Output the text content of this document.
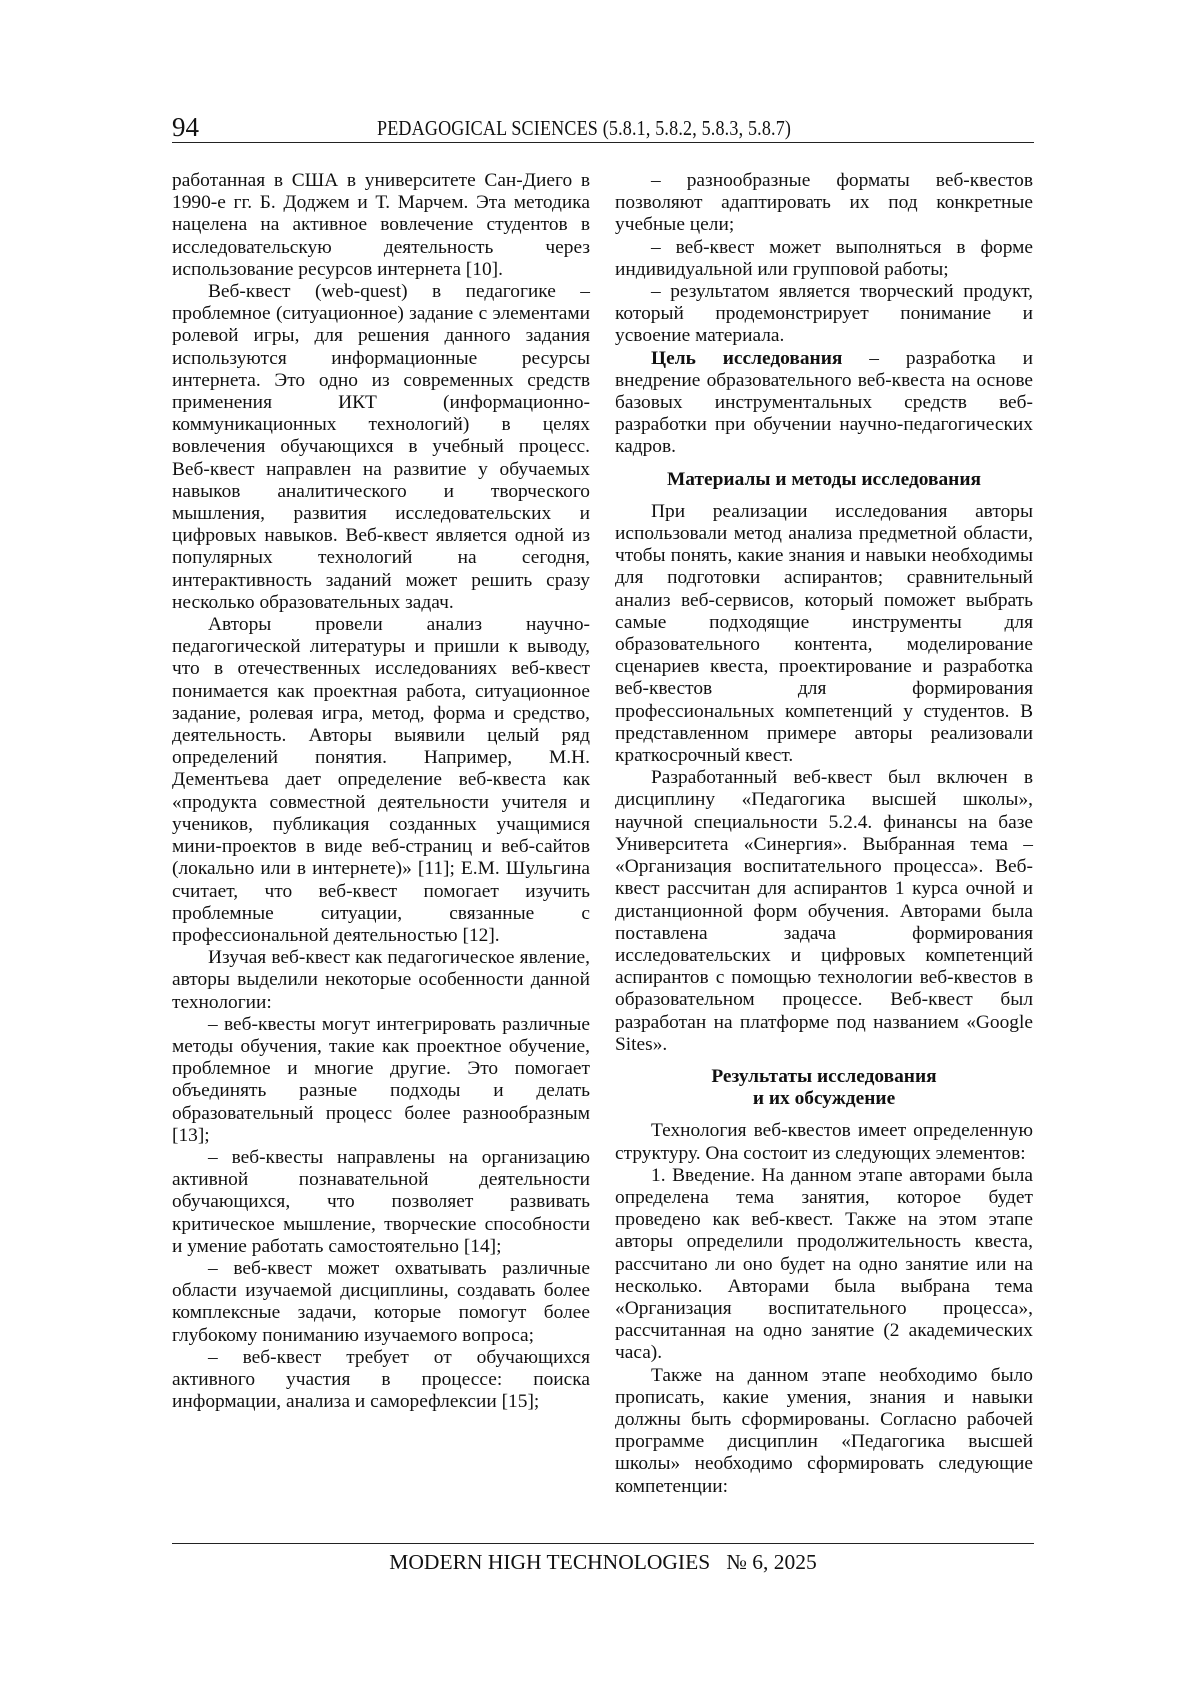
94	PEDAGOGICAL SCIENCES (5.8.1, 5.8.2, 5.8.3, 5.8.7)

работанная в США в университете Сан-Диего в 1990-е гг. Б. Доджем и Т. Марчем. Эта методика нацелена на активное вовлечение студентов в исследовательскую деятельность через использование ресурсов интернета [10].

Веб-квест (web-quest) в педагогике – проблемное (ситуационное) задание с элементами ролевой игры, для решения данного задания используются информационные ресурсы интернета. Это одно из современных средств применения ИКТ (информационно-коммуникационных технологий) в целях вовлечения обучающихся в учебный процесс. Веб-квест направлен на развитие у обучаемых навыков аналитического и творческого мышления, развития исследовательских и цифровых навыков. Веб-квест является одной из популярных технологий на сегодня, интерактивность заданий может решить сразу несколько образовательных задач.

Авторы провели анализ научно-педагогической литературы и пришли к выводу, что в отечественных исследованиях веб-квест понимается как проектная работа, ситуационное задание, ролевая игра, метод, форма и средство, деятельность. Авторы выявили целый ряд определений понятия. Например, М.Н. Дементьева дает определение веб-квеста как «продукта совместной деятельности учителя и учеников, публикация созданных учащимися мини-проектов в виде веб-страниц и веб-сайтов (локально или в интернете)» [11]; Е.М. Шульгина считает, что веб-квест помогает изучить проблемные ситуации, связанные с профессиональной деятельностью [12].

Изучая веб-квест как педагогическое явление, авторы выделили некоторые особенности данной технологии:

– веб-квесты могут интегрировать различные методы обучения, такие как проектное обучение, проблемное и многие другие. Это помогает объединять разные подходы и делать образовательный процесс более разнообразным [13];

– веб-квесты направлены на организацию активной познавательной деятельности обучающихся, что позволяет развивать критическое мышление, творческие способности и умение работать самостоятельно [14];

– веб-квест может охватывать различные области изучаемой дисциплины, создавать более комплексные задачи, которые помогут более глубокому пониманию изучаемого вопроса;

– веб-квест требует от обучающихся активного участия в процессе: поиска информации, анализа и саморефлексии [15];

– разнообразные форматы веб-квестов позволяют адаптировать их под конкретные учебные цели;

– веб-квест может выполняться в форме индивидуальной или групповой работы;

– результатом является творческий продукт, который продемонстрирует понимание и усвоение материала.

Цель исследования – разработка и внедрение образовательного веб-квеста на основе базовых инструментальных средств веб-разработки при обучении научно-педагогических кадров.

Материалы и методы исследования

При реализации исследования авторы использовали метод анализа предметной области, чтобы понять, какие знания и навыки необходимы для подготовки аспирантов; сравнительный анализ веб-сервисов, который поможет выбрать самые подходящие инструменты для образовательного контента, моделирование сценариев квеста, проектирование и разработка веб-квестов для формирования профессиональных компетенций у студентов. В представленном примере авторы реализовали краткосрочный квест.

Разработанный веб-квест был включен в дисциплину «Педагогика высшей школы», научной специальности 5.2.4. финансы на базе Университета «Синергия». Выбранная тема – «Организация воспитательного процесса». Веб-квест рассчитан для аспирантов 1 курса очной и дистанционной форм обучения. Авторами была поставлена задача формирования исследовательских и цифровых компетенций аспирантов с помощью технологии веб-квестов в образовательном процессе. Веб-квест был разработан на платформе под названием «Google Sites».

Результаты исследования
и их обсуждение

Технология веб-квестов имеет определенную структуру. Она состоит из следующих элементов:

1. Введение. На данном этапе авторами была определена тема занятия, которое будет проведено как веб-квест. Также на этом этапе авторы определили продолжительность квеста, рассчитано ли оно будет на одно занятие или на несколько. Авторами была выбрана тема «Организация воспитательного процесса», рассчитанная на одно занятие (2 академических часа).

Также на данном этапе необходимо было прописать, какие умения, знания и навыки должны быть сформированы. Согласно рабочей программе дисциплин «Педагогика высшей школы» необходимо сформировать следующие компетенции:

MODERN HIGH TECHNOLOGIES   № 6, 2025
